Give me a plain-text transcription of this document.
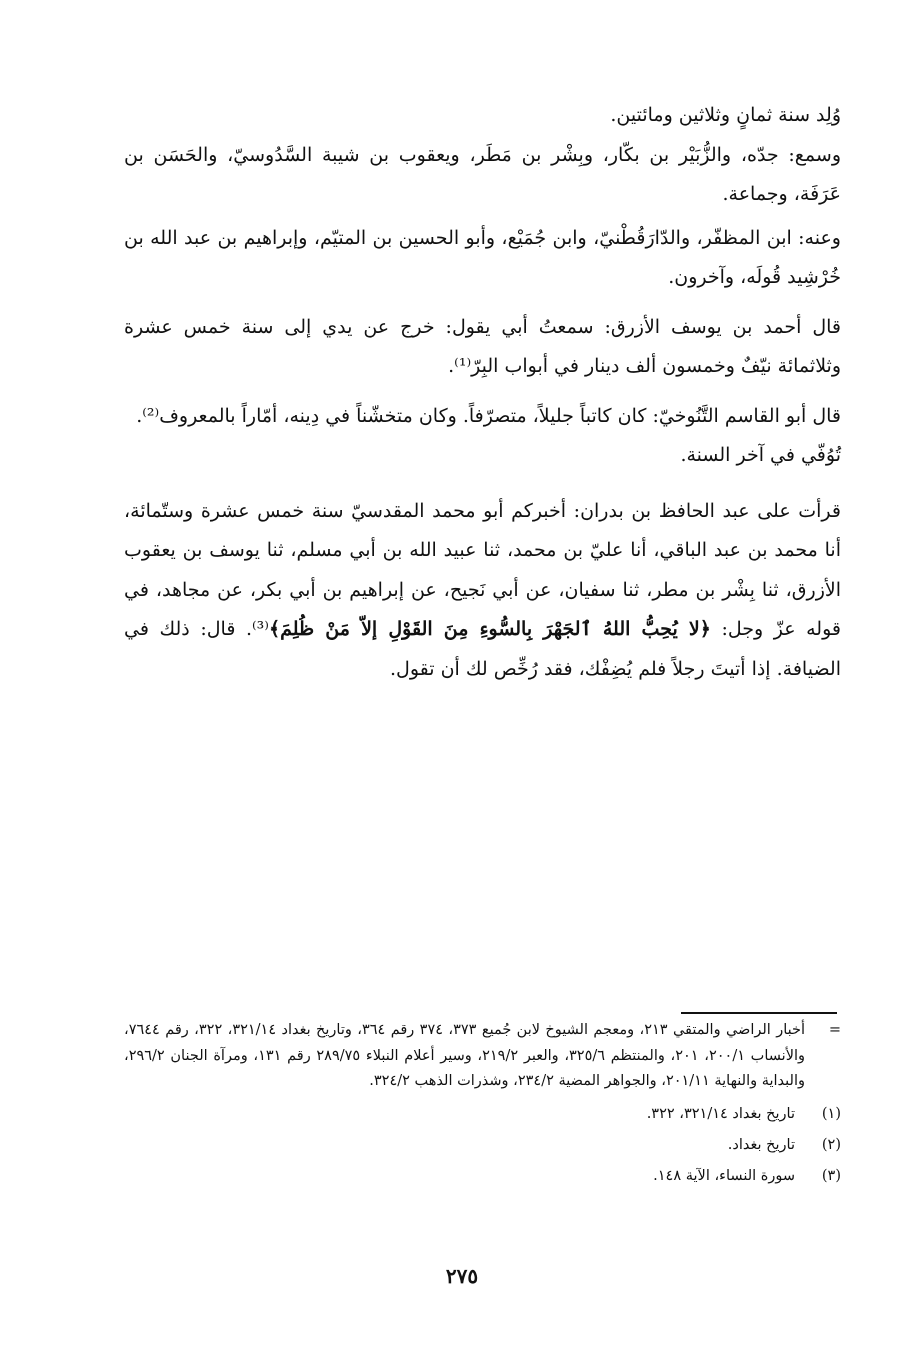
وُلِد سنة ثمانٍ وثلاثين ومائتين.

وسمع: جدّه، والزُّبَيْر بن بكّار، وبِشْر بن مَطَر، ويعقوب بن شيبة السَّدُوسيّ، والحَسَن بن عَرَفَة، وجماعة.

وعنه: ابن المظفّر، والدّارَقُطْنيّ، وابن جُمَيْع، وأبو الحسين بن المتيّم، وإبراهيم بن عبد الله بن خُرْشِيد قُولَه، وآخرون.

قال أحمد بن يوسف الأزرق: سمعتُ أبي يقول: خرج عن يدي إلى سنة خمس عشرة وثلاثمائة نيّفٌ وخمسون ألف دينار في أبواب البِرّ⁽¹⁾.

قال أبو القاسم التَّنُوخيّ: كان كاتباً جليلاً، متصرّفاً. وكان متخشّناً في دِينه، أمّاراً بالمعروف⁽²⁾.

تُوُفّي في آخر السنة.

قرأت على عبد الحافظ بن بدران: أخبركم أبو محمد المقدسيّ سنة خمس عشرة وستّمائة، أنا محمد بن عبد الباقي، أنا عليّ بن محمد، ثنا عبيد الله بن أبي مسلم، ثنا يوسف بن يعقوب الأزرق، ثنا بِشْر بن مطر، ثنا سفيان، عن أبي نَجيح، عن إبراهيم بن أبي بكر، عن مجاهد، في قوله عزّ وجل: ﴿لا يُحِبُّ اللهُ ٱلجَهْرَ بِالسُّوءِ مِنَ القَوْلِ إلاّ مَنْ ظُلِمَ﴾⁽³⁾. قال: ذلك في الضيافة. إذا أتيتَ رجلاً فلم يُضِفْك، فقد رُخِّص لك أن تقول.

=
أخبار الراضي والمتقي ٢١٣، ومعجم الشيوخ لابن جُميع ٣٧٣، ٣٧٤ رقم ٣٦٤، وتاريخ بغداد ٣٢١/١٤، ٣٢٢، رقم ٧٦٤٤، والأنساب ٢٠٠/١، ٢٠١، والمنتظم ٣٢٥/٦، والعبر ٢١٩/٢، وسير أعلام النبلاء ٢٨٩/٧٥ رقم ١٣١، ومرآة الجنان ٢٩٦/٢، والبداية والنهاية ٢٠١/١١، والجواهر المضية ٢٣٤/٢، وشذرات الذهب ٣٢٤/٢.
(١)
تاريخ بغداد ٣٢١/١٤، ٣٢٢.
(٢)
تاريخ بغداد.
(٣)
سورة النساء، الآية ١٤٨.
٢٧٥
